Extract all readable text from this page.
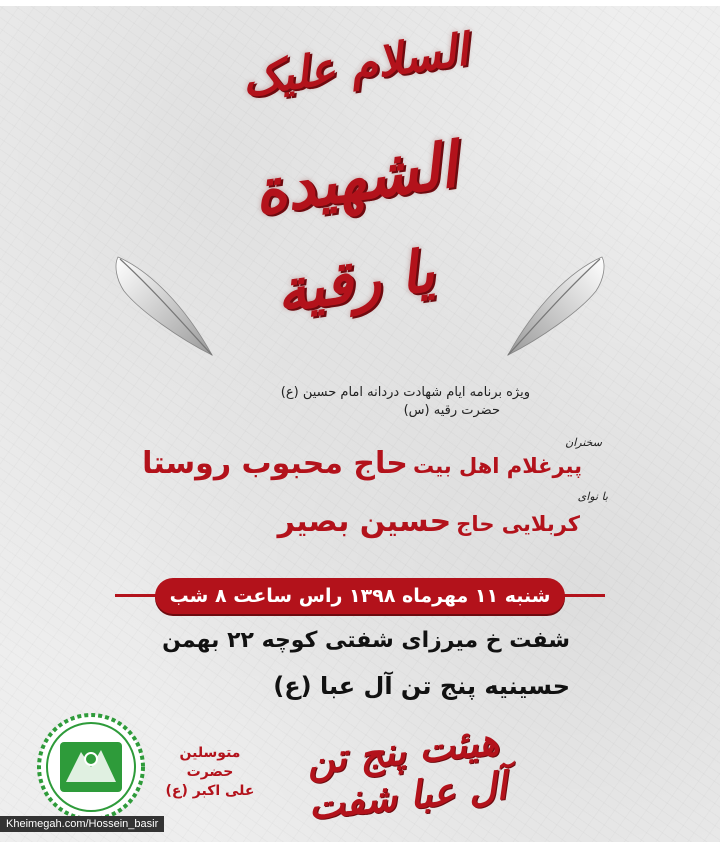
السلام علیک
الشهیدة
یا رقیة
ویژه برنامه ایام شهادت دردانه امام حسین (ع)
حضرت رقیه (س)
سخنران
پیرغلام اهل بیت حاج محبوب روستا
با نوای
کربلایی حاج حسین بصیر
شنبه ۱۱ مهرماه ۱۳۹۸ راس ساعت ۸ شب
شفت خ میرزای شفتی کوچه ۲۲ بهمن
حسینیه پنج تن آل عبا (ع)
متوسلین
حضرت
علی اکبر (ع)
هیئت پنج تن آل عبا شفت
Kheimegah.com/Hossein_basir
